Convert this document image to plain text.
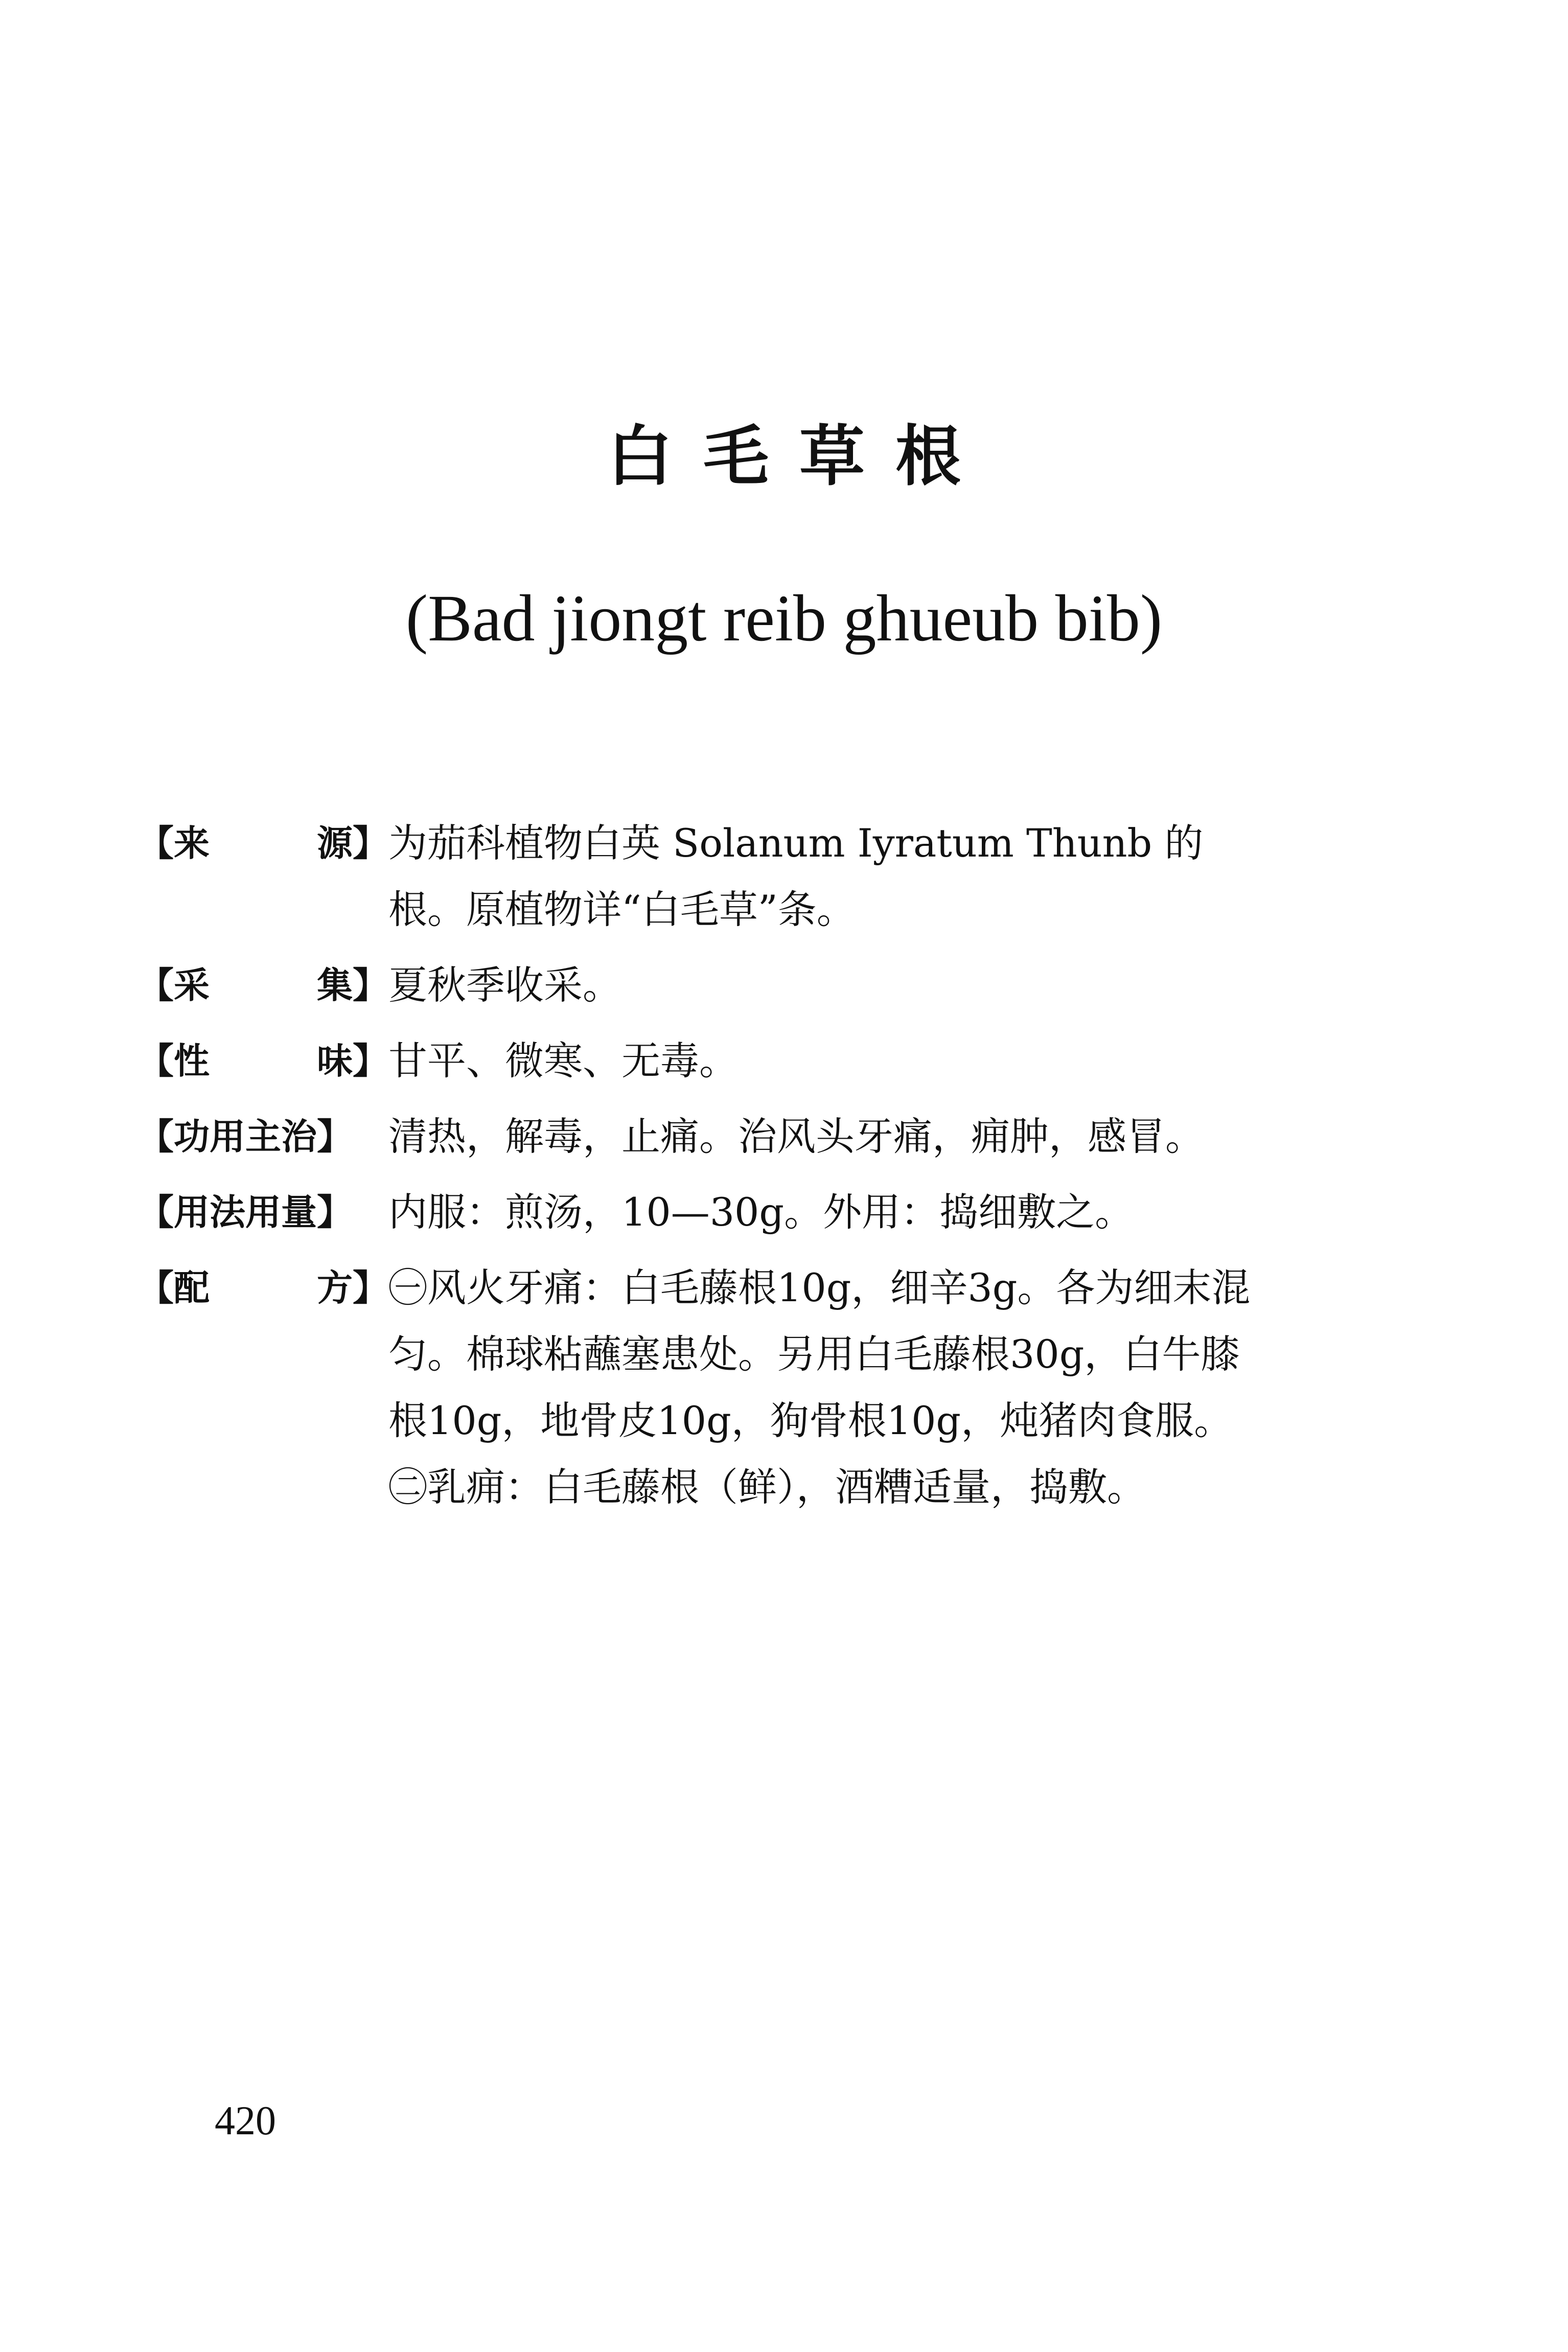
白毛草根
(Bad jiongt reib ghueub bib)
【来	源】 为茄科植物白英 Solanum Iyratum Thunb 的

根。原植物详“白毛草”条。

【采	集】 夏秋季收采。

【性	味】 甘平、微寒、无毒。

【功用主治】 清热，解毒，止痛。治风头牙痛，痈肿，感冒。

【用法用量】 内服：煎汤，10—30g。外用：捣细敷之。

【配	方】 ㊀风火牙痛：白毛藤根10g，细辛3g。各为细末混

匀。棉球粘蘸塞患处。另用白毛藤根30g，白牛膝

根10g，地骨皮10g，狗骨根10g，炖猪肉食服。

㊁乳痈：白毛藤根（鲜），酒糟适量，捣敷。

420
